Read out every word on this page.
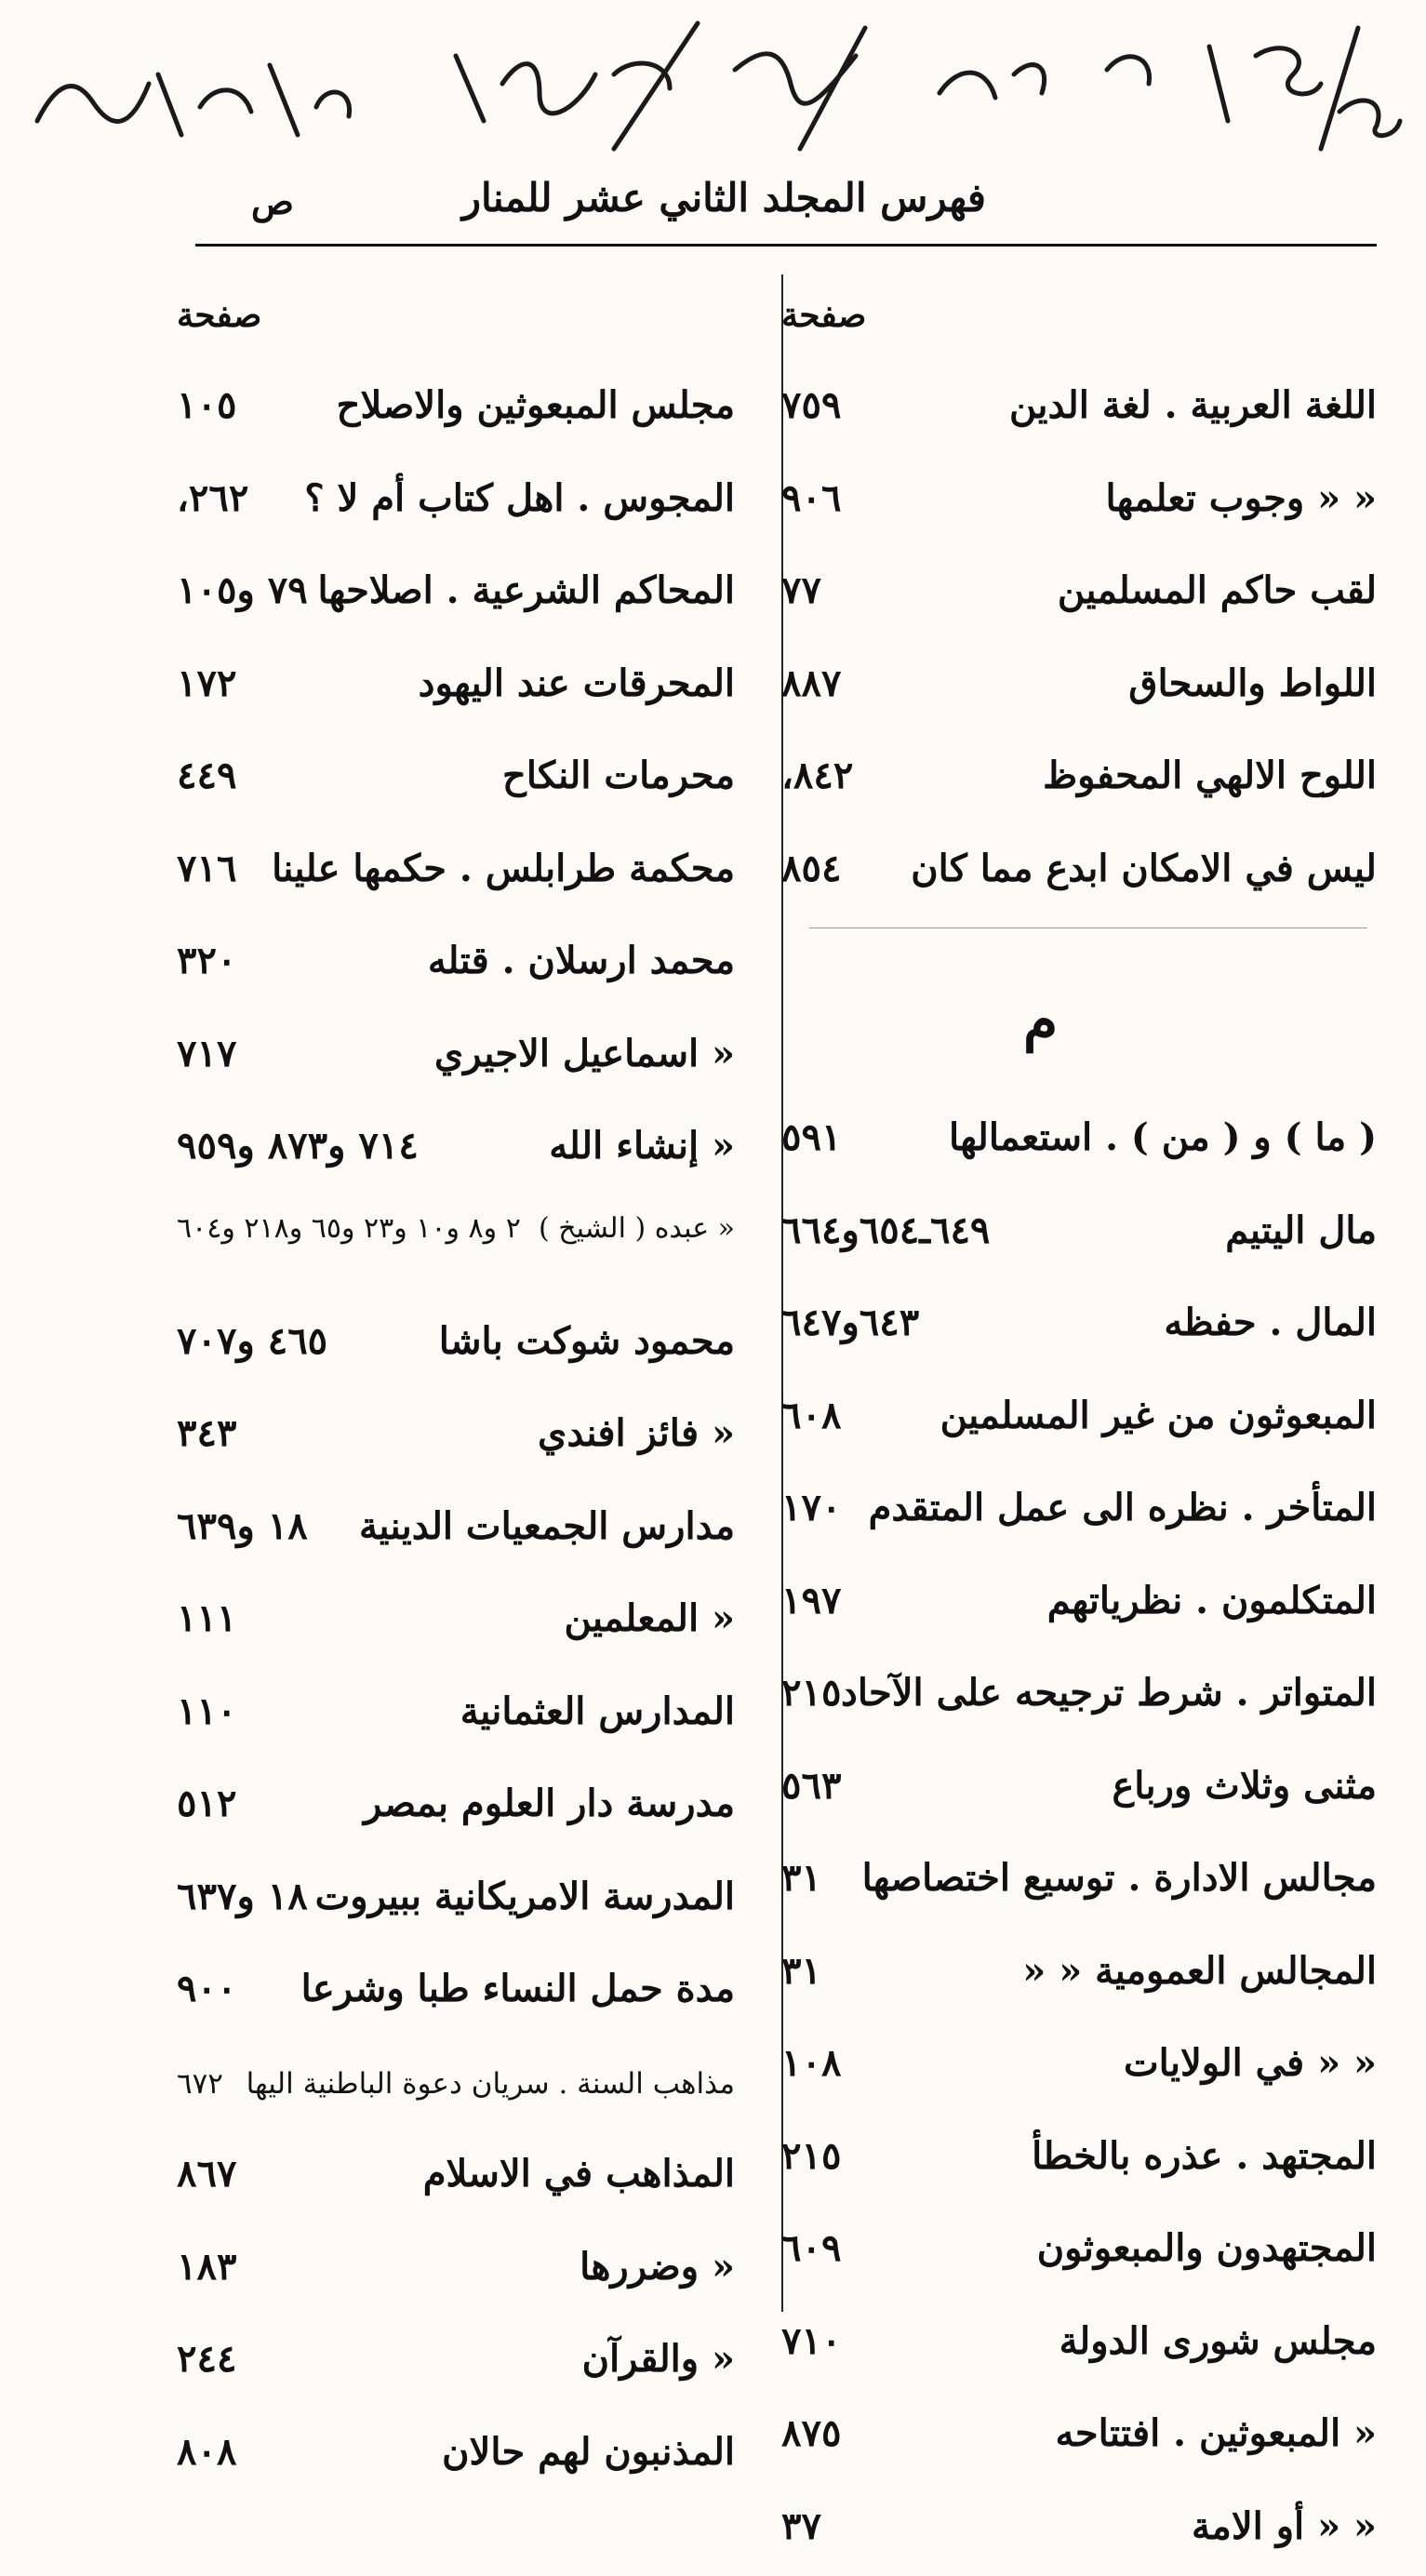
فهرس المجلد الثاني عشر للمنار
ص
صفحة
اللغة العربية . لغة الدين
٧٥٩
« « وجوب تعلمها
٩٠٦
لقب حاكم المسلمين
٧٧
اللواط والسحاق
٨٨٧
اللوح الالهي المحفوظ
٨٤٢،
ليس في الامكان ابدع مما كان
٨٥٤
م
( ما ) و ( من ) . استعمالها
٥٩١
مال اليتيم
٦٤٩ـ٦٥٤و٦٦٤
المال . حفظه
٦٤٣و٦٤٧
المبعوثون من غير المسلمين
٦٠٨
المتأخر . نظره الى عمل المتقدم
١٧٠
المتكلمون . نظرياتهم
١٩٧
المتواتر . شرط ترجيحه على الآحاد
٢١٥
مثنى وثلاث ورباع
٥٦٣
مجالس الادارة . توسيع اختصاصها
٣١
المجالس العمومية « «
٣١
« « في الولايات
١٠٨
المجتهد . عذره بالخطأ
٢١٥
المجتهدون والمبعوثون
٦٠٩
مجلس شورى الدولة
٧١٠
« المبعوثين . افتتاحه
٨٧٥
« « أو الامة
٣٧
صفحة
مجلس المبعوثين والاصلاح
١٠٥
المجوس . اهل كتاب أم لا ؟
٢٦٢،
المحاكم الشرعية . اصلاحها
٧٩ و١٠٥
المحرقات عند اليهود
١٧٢
محرمات النكاح
٤٤٩
محكمة طرابلس . حكمها علينا
٧١٦
محمد ارسلان . قتله
٣٢٠
« اسماعيل الاجيري
٧١٧
« إنشاء الله
٧١٤ و٨٧٣ و٩٥٩
« عبده ( الشيخ )
٢ و٨ و١٠ و٢٣ و٦٥ و٢١٨ و٦٠٤
محمود شوكت باشا
٤٦٥ و٧٠٧
« فائز افندي
٣٤٣
مدارس الجمعيات الدينية
١٨ و٦٣٩
« المعلمين
١١١
المدارس العثمانية
١١٠
مدرسة دار العلوم بمصر
٥١٢
المدرسة الامريكانية ببيروت
١٨ و٦٣٧
مدة حمل النساء طبا وشرعا
٩٠٠
مذاهب السنة . سريان دعوة الباطنية اليها
٦٧٢
المذاهب في الاسلام
٨٦٧
« وضررها
١٨٣
« والقرآن
٢٤٤
المذنبون لهم حالان
٨٠٨
